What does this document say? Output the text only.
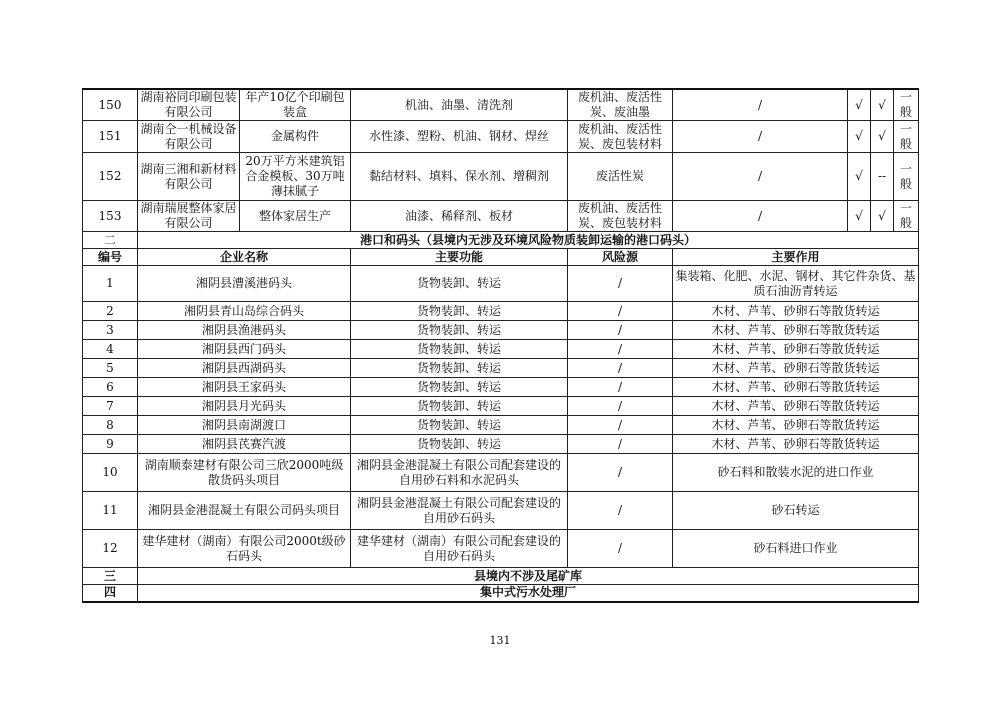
150	湖南裕同印刷包装有限公司	年产10亿个印刷包装盒	机油、油墨、清洗剂	废机油、废活性炭、废油墨	/	√	√	一般
151	湖南仝一机械设备有限公司	金属构件	水性漆、塑粉、机油、钢材、焊丝	废机油、废活性炭、废包装材料	/	√	√	一般
152	湖南三湘和新材料有限公司	20万平方米建筑铝合金模板、30万吨薄抹腻子	黏结材料、填料、保水剂、增稠剂	废活性炭	/	√	--	一般
153	湖南瑞展整体家居有限公司	整体家居生产	油漆、稀释剂、板材	废机油、废活性炭、废包装材料	/	√	√	一般
二	港口和码头（县境内无涉及环境风险物质装卸运输的港口码头）							
编号	企业名称		主要功能	风险源	主要作用			
1	湘阴县漕溪港码头		货物装卸、转运	/	集装箱、化肥、水泥、钢材、其它件杂货、基质石油沥青转运			
2	湘阴县青山岛综合码头		货物装卸、转运	/	木材、芦苇、砂卵石等散货转运			
3	湘阴县渔港码头		货物装卸、转运	/	木材、芦苇、砂卵石等散货转运			
4	湘阴县西门码头		货物装卸、转运	/	木材、芦苇、砂卵石等散货转运			
5	湘阴县西湖码头		货物装卸、转运	/	木材、芦苇、砂卵石等散货转运			
6	湘阴县王家码头		货物装卸、转运	/	木材、芦苇、砂卵石等散货转运			
7	湘阴县月光码头		货物装卸、转运	/	木材、芦苇、砂卵石等散货转运			
8	湘阴县南湖渡口		货物装卸、转运	/	木材、芦苇、砂卵石等散货转运			
9	湘阴县芪赛汽渡		货物装卸、转运	/	木材、芦苇、砂卵石等散货转运			
10	湖南顺泰建材有限公司三欣2000吨级散货码头项目		湘阴县金港混凝土有限公司配套建设的自用砂石料和水泥码头	/	砂石料和散装水泥的进口作业			
11	湘阴县金港混凝土有限公司码头项目		湘阴县金港混凝土有限公司配套建设的自用砂石码头	/	砂石转运			
12	建华建材（湖南）有限公司2000t级砂石码头		建华建材（湖南）有限公司配套建设的自用砂石码头	/	砂石料进口作业			
三	县境内不涉及尾矿库							
四	集中式污水处理厂							
131
